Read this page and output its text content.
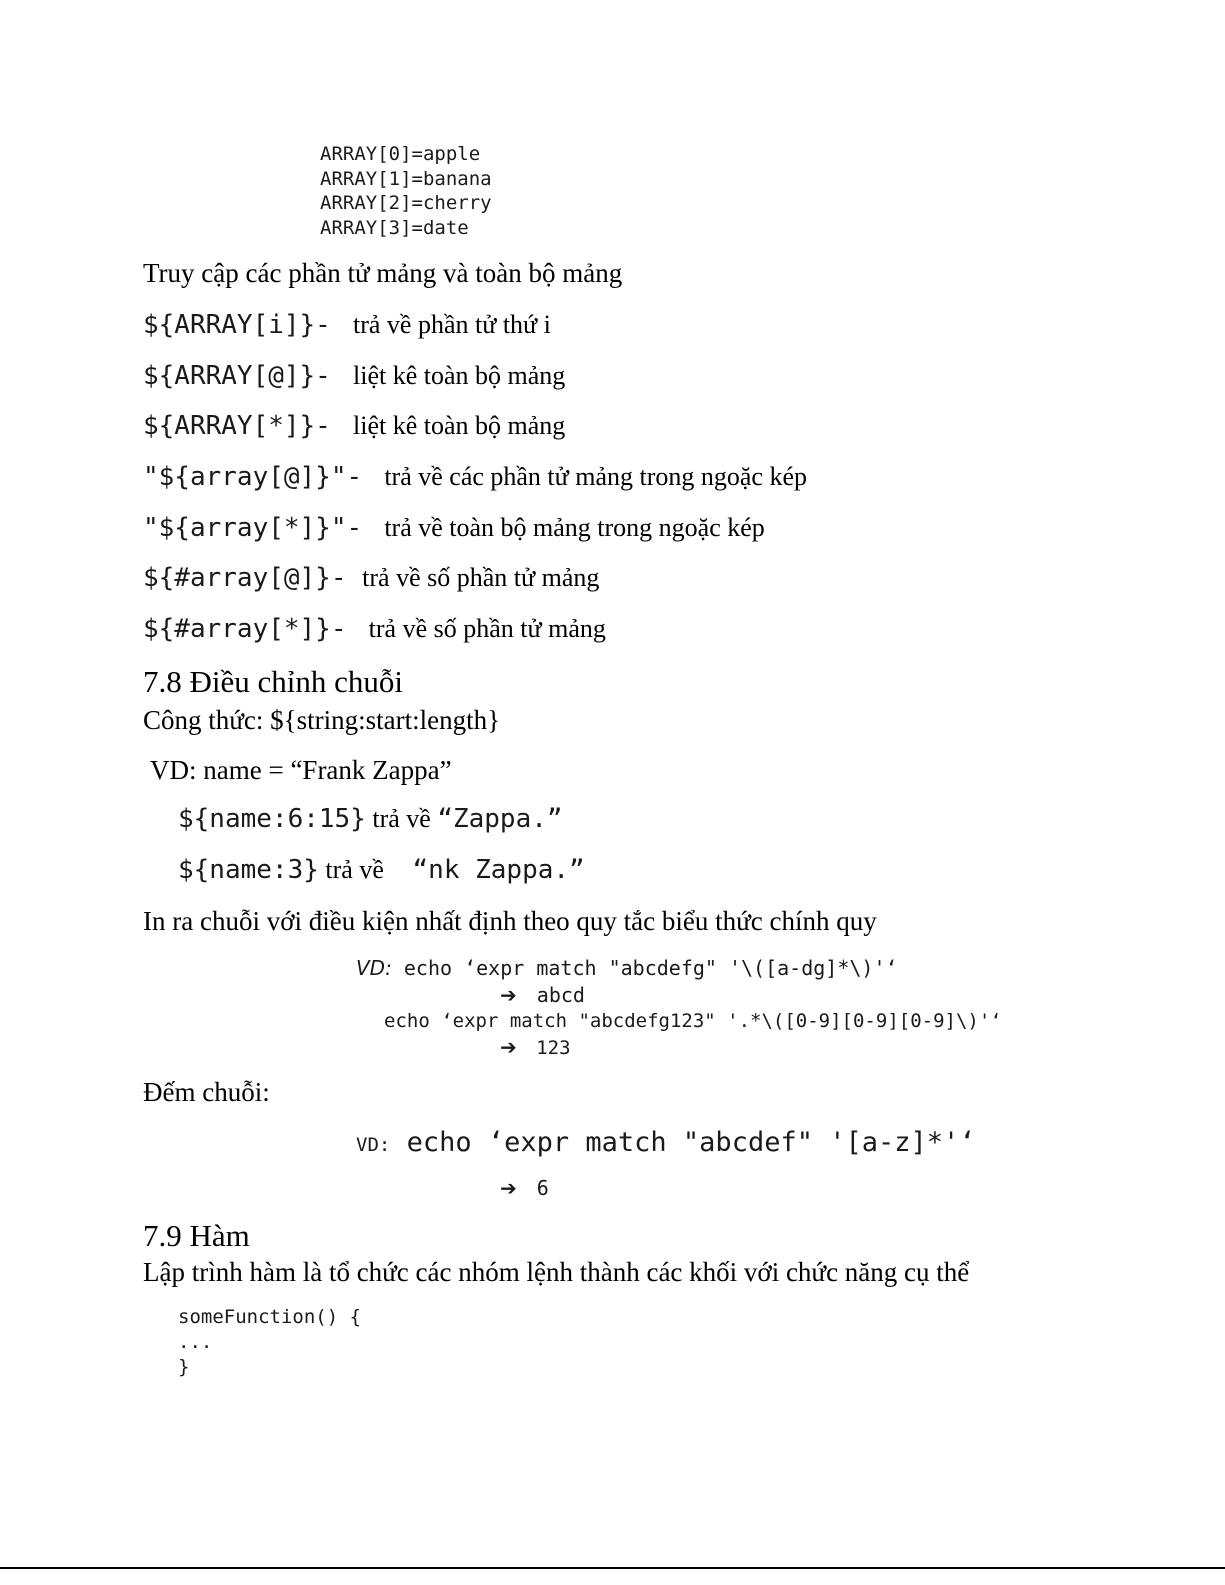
ARRAY[0]=apple
ARRAY[1]=banana
ARRAY[2]=cherry
ARRAY[3]=date
Truy cập các phần tử mảng và toàn bộ mảng
${ARRAY[i]}- trả về phần tử thứ i
${ARRAY[@]}- liệt kê toàn bộ mảng
${ARRAY[*]}- liệt kê toàn bộ mảng
"${array[@]}"- trả về các phần tử mảng trong ngoặc kép
"${array[*]}"- trả về toàn bộ mảng trong ngoặc kép
${#array[@]}- trả về số phần tử mảng
${#array[*]}- trả về số phần tử mảng
7.8 Điều chỉnh chuỗi
Công thức: ${string:start:length}
VD: name = “Frank Zappa”
${name:6:15} trả về “Zappa.”
${name:3} trả về “nk Zappa.”
In ra chuỗi với điều kiện nhất định theo quy tắc biểu thức chính quy
VD: echo ‘expr match "abcdefg" '\([a-dg]*\)'‘
➔ abcd
echo ‘expr match "abcdefg123" '.*\([0-9][0-9][0-9]\)'‘
➔ 123
Đếm chuỗi:
VD: echo ‘expr match "abcdef" '[a-z]*'‘
➔ 6
7.9 Hàm
Lập trình hàm là tổ chức các nhóm lệnh thành các khối với chức năng cụ thể
someFunction() {
...
}
